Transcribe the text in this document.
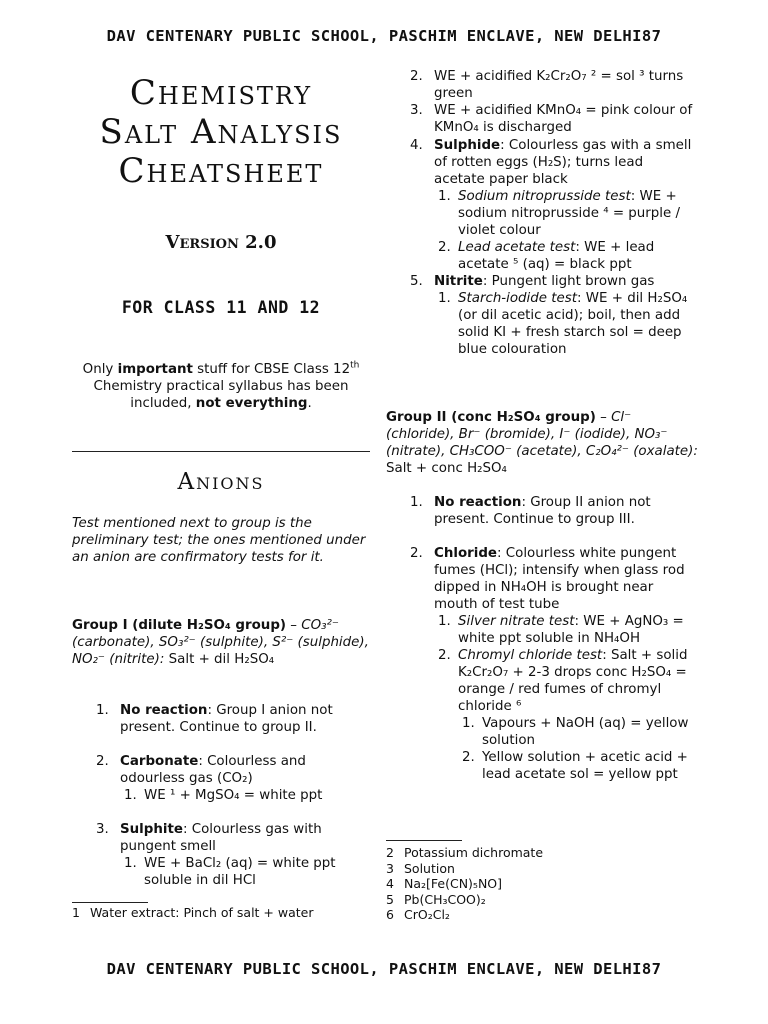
DAV CENTENARY PUBLIC SCHOOL, PASCHIM ENCLAVE, NEW DELHI87
Chemistry
Salt Analysis
Cheatsheet
Version 2.0
FOR CLASS 11 AND 12
Only important stuff for CBSE Class 12th Chemistry practical syllabus has been included, not everything.
Anions
Test mentioned next to group is the preliminary test; the ones mentioned under an anion are confirmatory tests for it.
Group I (dilute H₂SO₄ group) – CO₃²⁻ (carbonate), SO₃²⁻ (sulphite), S²⁻ (sulphide), NO₂⁻ (nitrite): Salt + dil H₂SO₄
1. No reaction: Group I anion not present. Continue to group II.
2. Carbonate: Colourless and odourless gas (CO₂)
1. WE ¹ + MgSO₄ = white ppt
3. Sulphite: Colourless gas with pungent smell
1. WE + BaCl₂ (aq) = white ppt soluble in dil HCl
1 Water extract: Pinch of salt + water
2. WE + acidified K₂Cr₂O₇ ² = sol ³ turns green
3. WE + acidified KMnO₄ = pink colour of KMnO₄ is discharged
4. Sulphide: Colourless gas with a smell of rotten eggs (H₂S); turns lead acetate paper black
1. Sodium nitroprusside test: WE + sodium nitroprusside ⁴ = purple / violet colour
2. Lead acetate test: WE + lead acetate ⁵ (aq) = black ppt
5. Nitrite: Pungent light brown gas
1. Starch-iodide test: WE + dil H₂SO₄ (or dil acetic acid); boil, then add solid KI + fresh starch sol = deep blue colouration
Group II (conc H₂SO₄ group) – Cl⁻ (chloride), Br⁻ (bromide), I⁻ (iodide), NO₃⁻ (nitrate), CH₃COO⁻ (acetate), C₂O₄²⁻ (oxalate): Salt + conc H₂SO₄
1. No reaction: Group II anion not present. Continue to group III.
2. Chloride: Colourless white pungent fumes (HCl); intensify when glass rod dipped in NH₄OH is brought near mouth of test tube
1. Silver nitrate test: WE + AgNO₃ = white ppt soluble in NH₄OH
2. Chromyl chloride test: Salt + solid K₂Cr₂O₇ + 2-3 drops conc H₂SO₄ = orange / red fumes of chromyl chloride ⁶
1. Vapours + NaOH (aq) = yellow solution
2. Yellow solution + acetic acid + lead acetate sol = yellow ppt
2 Potassium dichromate
3 Solution
4 Na₂[Fe(CN)₅NO]
5 Pb(CH₃COO)₂
6 CrO₂Cl₂
DAV CENTENARY PUBLIC SCHOOL, PASCHIM ENCLAVE, NEW DELHI87
